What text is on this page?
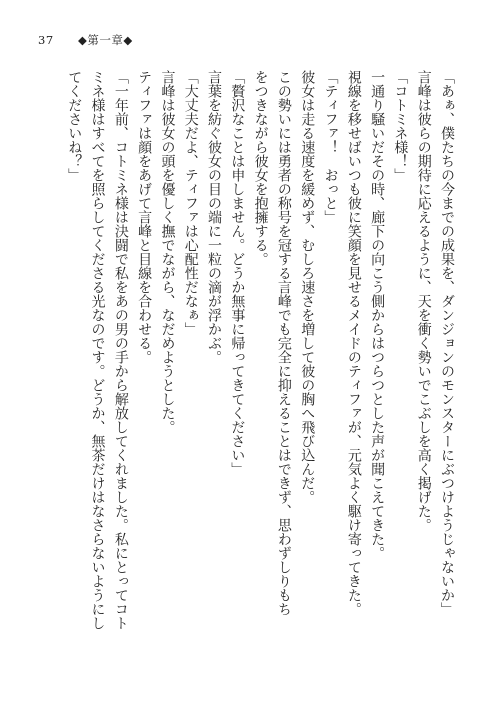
37 ◆第一章◆
「あぁ、僕たちの今までの成果を、ダンジョンのモンスターにぶつけようじゃないか」
言峰は彼らの期待に応えるように、天を衝く勢いでこぶしを高く掲げた。
「コトミネ様！」
一通り騒いだその時、廊下の向こう側からはつらつとした声が聞こえてきた。
視線を移せばいつも彼に笑顔を見せるメイドのティファが、元気よく駆け寄ってきた。
「ティファ！　おっと」
彼女は走る速度を緩めず、むしろ速さを増して彼の胸へ飛び込んだ。
この勢いには勇者の称号を冠する言峰でも完全に抑えることはできず、思わずしりもち
をつきながら彼女を抱擁する。
「贅沢なことは申しません。どうか無事に帰ってきてください」
言葉を紡ぐ彼女の目の端に一粒の滴が浮かぶ。
「大丈夫だよ、ティファは心配性だなぁ」
言峰は彼女の頭を優しく撫でながら、なだめようとした。
ティファは顔をあげて言峰と目線を合わせる。
「一年前、コトミネ様は決闘で私をあの男の手から解放してくれました。私にとってコト
ミネ様はすべてを照らしてくださる光なのです。どうか、無茶だけはなさらないようにし
てくださいね？」
